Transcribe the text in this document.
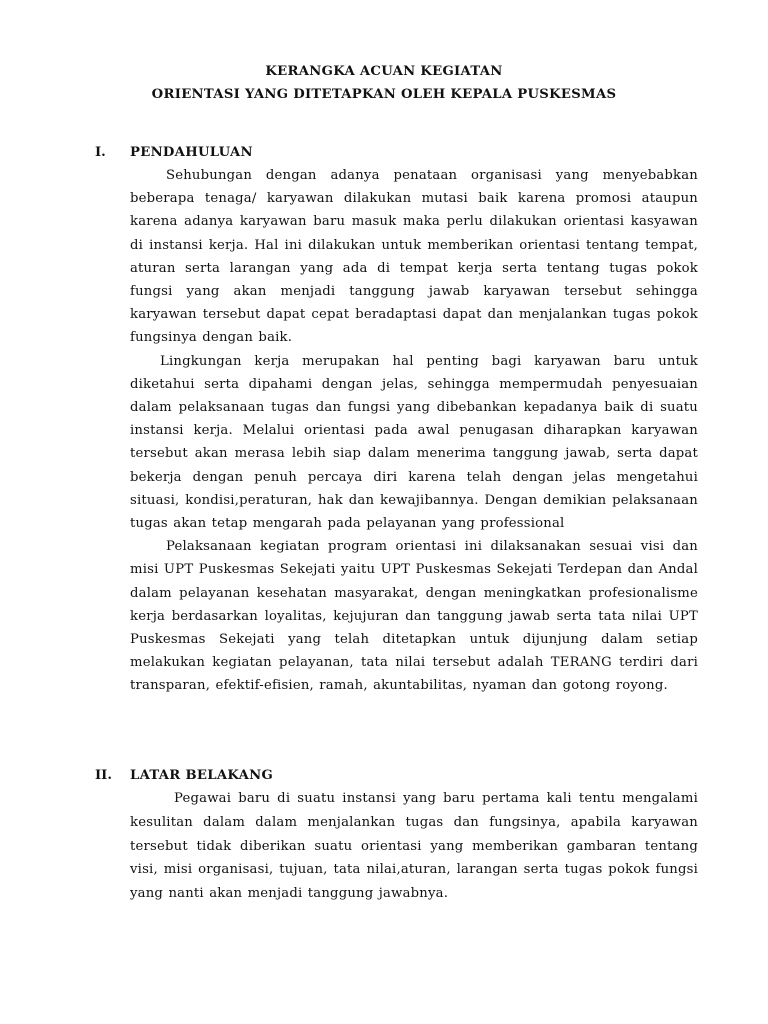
KERANGKA ACUAN KEGIATAN

ORIENTASI YANG DITETAPKAN OLEH KEPALA PUSKESMAS

I. PENDAHULUAN

Sehubungan dengan adanya penataan organisasi yang menyebabkan beberapa tenaga/ karyawan dilakukan mutasi baik karena promosi ataupun karena adanya karyawan baru masuk maka perlu dilakukan orientasi kasyawan di instansi kerja. Hal ini dilakukan untuk memberikan orientasi tentang tempat, aturan serta larangan yang ada di tempat kerja serta tentang tugas pokok fungsi yang akan menjadi tanggung jawab karyawan tersebut sehingga karyawan tersebut dapat cepat beradaptasi dapat dan menjalankan tugas pokok fungsinya dengan baik.

Lingkungan kerja merupakan hal penting bagi karyawan baru untuk diketahui serta dipahami dengan jelas, sehingga mempermudah penyesuaian dalam pelaksanaan tugas dan fungsi yang dibebankan kepadanya baik di suatu instansi kerja. Melalui orientasi pada awal penugasan diharapkan karyawan tersebut akan merasa lebih siap dalam menerima tanggung jawab, serta dapat bekerja dengan penuh percaya diri karena telah dengan jelas mengetahui situasi, kondisi,peraturan, hak dan kewajibannya. Dengan demikian pelaksanaan tugas akan tetap mengarah pada pelayanan yang professional

Pelaksanaan kegiatan program orientasi ini dilaksanakan sesuai visi dan misi UPT Puskesmas Sekejati yaitu UPT Puskesmas Sekejati Terdepan dan Andal dalam pelayanan kesehatan masyarakat, dengan meningkatkan profesionalisme kerja berdasarkan loyalitas, kejujuran dan tanggung jawab serta tata nilai UPT Puskesmas Sekejati yang telah ditetapkan untuk dijunjung dalam setiap melakukan kegiatan pelayanan, tata nilai tersebut adalah TERANG terdiri dari transparan, efektif-efisien, ramah, akuntabilitas, nyaman dan gotong royong.

II. LATAR BELAKANG

Pegawai baru di suatu instansi yang baru pertama kali tentu mengalami kesulitan dalam dalam menjalankan tugas dan fungsinya, apabila karyawan tersebut tidak diberikan suatu orientasi yang memberikan gambaran tentang visi, misi organisasi, tujuan, tata nilai,aturan, larangan serta tugas pokok fungsi yang nanti akan menjadi tanggung jawabnya.
